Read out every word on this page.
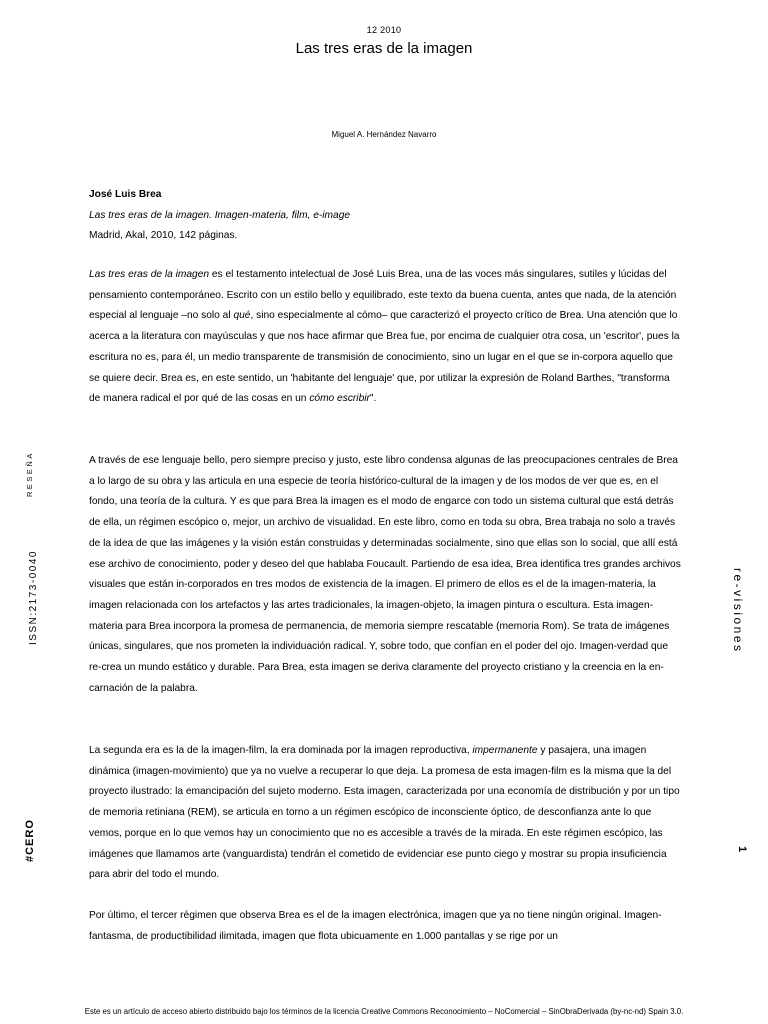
12 2010
Las tres eras de la imagen
Miguel A. Hernández Navarro
José Luis Brea
Las tres eras de la imagen. Imagen-materia, film, e-image
Madrid, Akal, 2010, 142 páginas.

Las tres eras de la imagen es el testamento intelectual de José Luis Brea, una de las voces más singulares, sutiles y lúcidas del pensamiento contemporáneo. Escrito con un estilo bello y equilibrado, este texto da buena cuenta, antes que nada, de la atención especial al lenguaje –no solo al qué, sino especialmente al cómo– que caracterizó el proyecto crítico de Brea. Una atención que lo acerca a la literatura con mayúsculas y que nos hace afirmar que Brea fue, por encima de cualquier otra cosa, un 'escritor', pues la escritura no es, para él, un medio transparente de transmisión de conocimiento, sino un lugar en el que se in-corpora aquello que se quiere decir. Brea es, en este sentido, un 'habitante del lenguaje' que, por utilizar la expresión de Roland Barthes, "transforma de manera radical el por qué de las cosas en un cómo escribir".

A través de ese lenguaje bello, pero siempre preciso y justo, este libro condensa algunas de las preocupaciones centrales de Brea a lo largo de su obra y las articula en una especie de teoría histórico-cultural de la imagen y de los modos de ver que es, en el fondo, una teoría de la cultura. Y es que para Brea la imagen es el modo de engarce con todo un sistema cultural que está detrás de ella, un régimen escópico o, mejor, un archivo de visualidad. En este libro, como en toda su obra, Brea trabaja no solo a través de la idea de que las imágenes y la visión están construidas y determinadas socialmente, sino que ellas son lo social, que allí está ese archivo de conocimiento, poder y deseo del que hablaba Foucault. Partiendo de esa idea, Brea identifica tres grandes archivos visuales que están in-corporados en tres modos de existencia de la imagen. El primero de ellos es el de la imagen-materia, la imagen relacionada con los artefactos y las artes tradicionales, la imagen-objeto, la imagen pintura o escultura. Esta imagen-materia para Brea incorpora la promesa de permanencia, de memoria siempre rescatable (memoria Rom). Se trata de imágenes únicas, singulares, que nos prometen la individuación radical. Y, sobre todo, que confían en el poder del ojo. Imagen-verdad que re-crea un mundo estático y durable. Para Brea, esta imagen se deriva claramente del proyecto cristiano y la creencia en la en-carnación de la palabra.

La segunda era es la de la imagen-film, la era dominada por la imagen reproductiva, impermanente y pasajera, una imagen dinámica (imagen-movimiento) que ya no vuelve a recuperar lo que deja. La promesa de esta imagen-film es la misma que la del proyecto ilustrado: la emancipación del sujeto moderno. Esta imagen, caracterizada por una economía de distribución y por un tipo de memoria retiniana (REM), se articula en torno a un régimen escópico de inconsciente óptico, de desconfianza ante lo que vemos, porque en lo que vemos hay un conocimiento que no es accesible a través de la mirada. En este régimen escópico, las imágenes que llamamos arte (vanguardista) tendrán el cometido de evidenciar ese punto ciego y mostrar su propia insuficiencia para abrir del todo el mundo.

Por último, el tercer régimen que observa Brea es el de la imagen electrónica, imagen que ya no tiene ningún original. Imagen-fantasma, de productibilidad ilimitada, imagen que flota ubicuamente en 1.000 pantallas y se rige por un

RESEÑA
ISSN:2173-0040
#CERO
re-visiones
1
Este es un artículo de acceso abierto distribuido bajo los términos de la licencia Creative Commons Reconocimiento – NoComercial – SinObraDerivada (by-nc-nd) Spain 3.0.
